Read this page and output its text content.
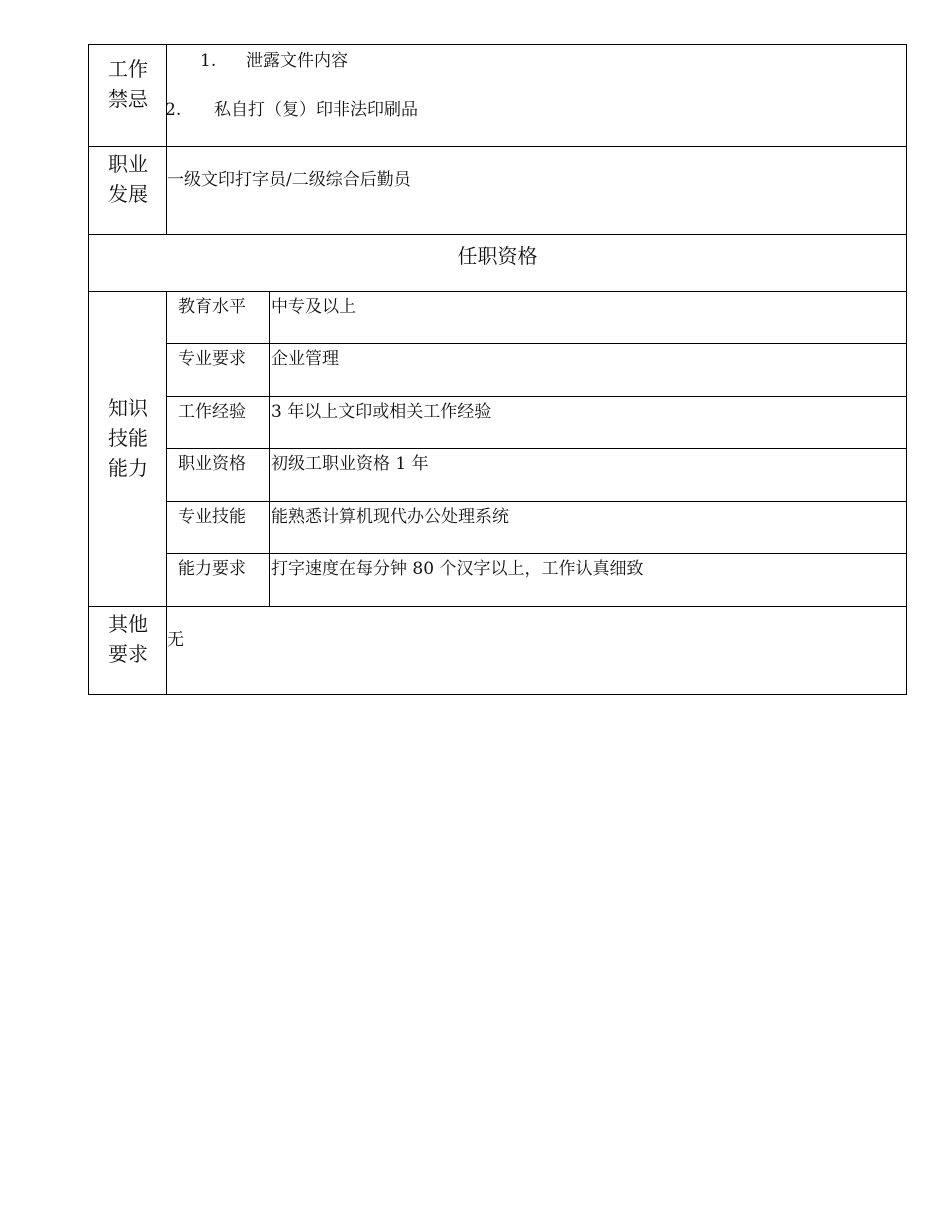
工作禁忌
1. 泄露文件内容
2. 私自打（复）印非法印刷品
职业发展
一级文印打字员/二级综合后勤员
任职资格
知识技能能力
教育水平 中专及以上
专业要求 企业管理
工作经验 3 年以上文印或相关工作经验
职业资格 初级工职业资格 1 年
专业技能 能熟悉计算机现代办公处理系统
能力要求 打字速度在每分钟 80 个汉字以上，工作认真细致
其他要求
无
